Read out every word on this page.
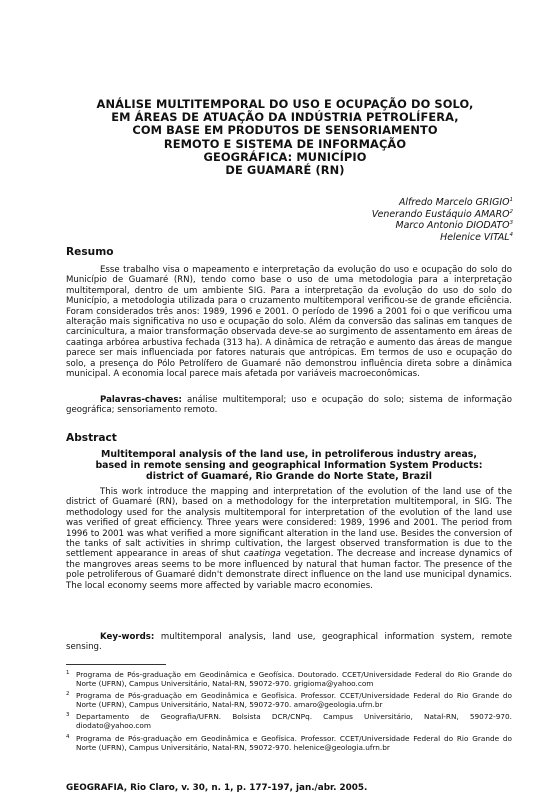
ANÁLISE MULTITEMPORAL DO USO E OCUPAÇÃO DO SOLO,
EM ÁREAS DE ATUAÇÃO DA INDÚSTRIA PETROLÍFERA,
COM BASE EM PRODUTOS DE SENSORIAMENTO
REMOTO E SISTEMA DE INFORMAÇÃO
GEOGRÁFICA: MUNICÍPIO
DE GUAMARÉ (RN)
Alfredo Marcelo GRIGIO$^1$
Venerando Eustáquio AMARO$^2$
Marco Antonio DIODATO$^3$
Helenice VITAL$^4$
Resumo

Esse trabalho visa o mapeamento e interpretação da evolução do uso e ocupação do solo do Município de Guamaré (RN), tendo como base o uso de uma metodologia para a interpretação multitemporal, dentro de um ambiente SIG. Para a interpretação da evolução do uso do solo do Município, a metodologia utilizada para o cruzamento multitemporal verificou-se de grande eficiência. Foram considerados três anos: 1989, 1996 e 2001. O período de 1996 a 2001 foi o que verificou uma alteração mais significativa no uso e ocupação do solo. Além da conversão das salinas em tanques de carcinicultura, a maior transformação observada deve-se ao surgimento de assentamento em áreas de caatinga arbórea arbustiva fechada (313 ha). A dinâmica de retração e aumento das áreas de mangue parece ser mais influenciada por fatores naturais que antrópicas. Em termos de uso e ocupação do solo, a presença do Pólo Petrolífero de Guamaré não demonstrou influência direta sobre a dinâmica municipal. A economia local parece mais afetada por variáveis macroeconômicas.

Palavras-chaves: análise multitemporal; uso e ocupação do solo; sistema de informação geográfica; sensoriamento remoto.

Abstract
Multitemporal analysis of the land use, in petroliferous industry areas,
based in remote sensing and geographical Information System Products:
district of Guamaré, Rio Grande do Norte State, Brazil

This work introduce the mapping and interpretation of the evolution of the land use of the district of Guamaré (RN), based on a methodology for the interpretation multitemporal, in SIG. The methodology used for the analysis multitemporal for interpretation of the evolution of the land use was verified of great efficiency. Three years were considered: 1989, 1996 and 2001. The period from 1996 to 2001 was what verified a more significant alteration in the land use. Besides the conversion of the tanks of salt activities in shrimp cultivation, the largest observed transformation is due to the settlement appearance in areas of shut caatinga vegetation. The decrease and increase dynamics of the mangroves areas seems to be more influenced by natural that human factor. The presence of the pole petroliferous of Guamaré didn't demonstrate direct influence on the land use municipal dynamics. The local economy seems more affected by variable macro economies.

Key-words: multitemporal analysis, land use, geographical information system, remote sensing.

1 Programa de Pós-graduação em Geodinâmica e Geofísica. Doutorado. CCET/Universidade Federal do Rio Grande do Norte (UFRN), Campus Universitário, Natal-RN, 59072-970. grigioma@yahoo.com
2 Programa de Pós-graduação em Geodinâmica e Geofísica. Professor. CCET/Universidade Federal do Rio Grande do Norte (UFRN), Campus Universitário, Natal-RN, 59072-970. amaro@geologia.ufrn.br
3 Departamento de Geografia/UFRN. Bolsista DCR/CNPq. Campus Universitário, Natal-RN, 59072-970. diodato@yahoo.com
4 Programa de Pós-graduação em Geodinâmica e Geofísica. Professor. CCET/Universidade Federal do Rio Grande do Norte (UFRN), Campus Universitário, Natal-RN, 59072-970. helenice@geologia.ufrn.br
GEOGRAFIA, Rio Claro, v. 30, n. 1, p. 177-197, jan./abr. 2005.
